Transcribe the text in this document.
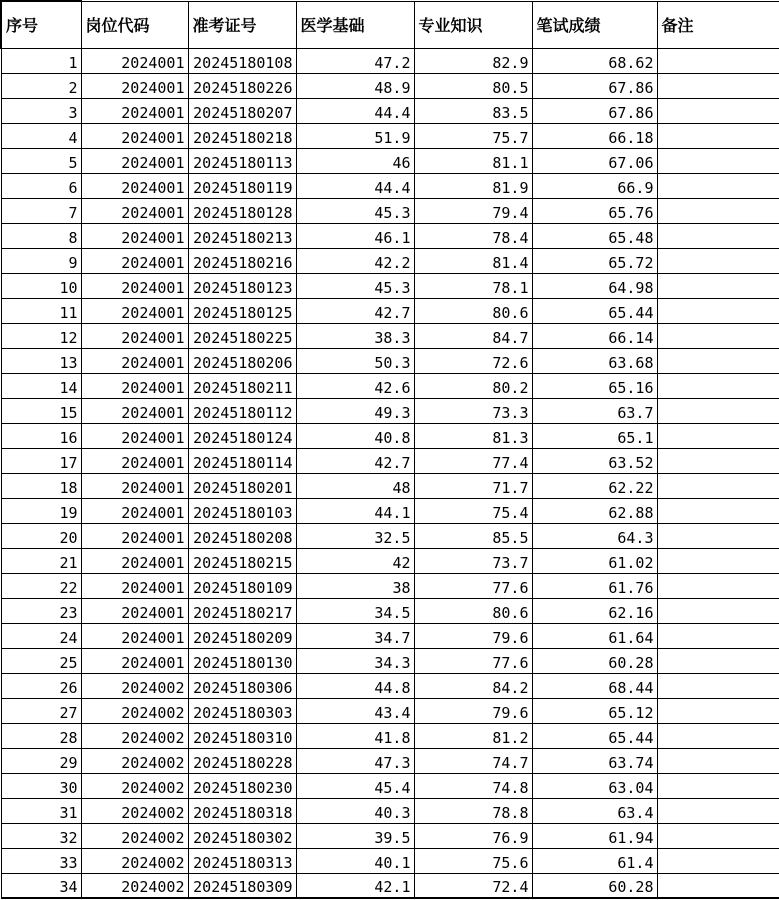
序号	岗位代码	准考证号	医学基础	专业知识	笔试成绩	备注
1	2024001	20245180108	47.2	82.9	68.62	
2	2024001	20245180226	48.9	80.5	67.86	
3	2024001	20245180207	44.4	83.5	67.86	
4	2024001	20245180218	51.9	75.7	66.18	
5	2024001	20245180113	46	81.1	67.06	
6	2024001	20245180119	44.4	81.9	66.9	
7	2024001	20245180128	45.3	79.4	65.76	
8	2024001	20245180213	46.1	78.4	65.48	
9	2024001	20245180216	42.2	81.4	65.72	
10	2024001	20245180123	45.3	78.1	64.98	
11	2024001	20245180125	42.7	80.6	65.44	
12	2024001	20245180225	38.3	84.7	66.14	
13	2024001	20245180206	50.3	72.6	63.68	
14	2024001	20245180211	42.6	80.2	65.16	
15	2024001	20245180112	49.3	73.3	63.7	
16	2024001	20245180124	40.8	81.3	65.1	
17	2024001	20245180114	42.7	77.4	63.52	
18	2024001	20245180201	48	71.7	62.22	
19	2024001	20245180103	44.1	75.4	62.88	
20	2024001	20245180208	32.5	85.5	64.3	
21	2024001	20245180215	42	73.7	61.02	
22	2024001	20245180109	38	77.6	61.76	
23	2024001	20245180217	34.5	80.6	62.16	
24	2024001	20245180209	34.7	79.6	61.64	
25	2024001	20245180130	34.3	77.6	60.28	
26	2024002	20245180306	44.8	84.2	68.44	
27	2024002	20245180303	43.4	79.6	65.12	
28	2024002	20245180310	41.8	81.2	65.44	
29	2024002	20245180228	47.3	74.7	63.74	
30	2024002	20245180230	45.4	74.8	63.04	
31	2024002	20245180318	40.3	78.8	63.4	
32	2024002	20245180302	39.5	76.9	61.94	
33	2024002	20245180313	40.1	75.6	61.4	
34	2024002	20245180309	42.1	72.4	60.28	
